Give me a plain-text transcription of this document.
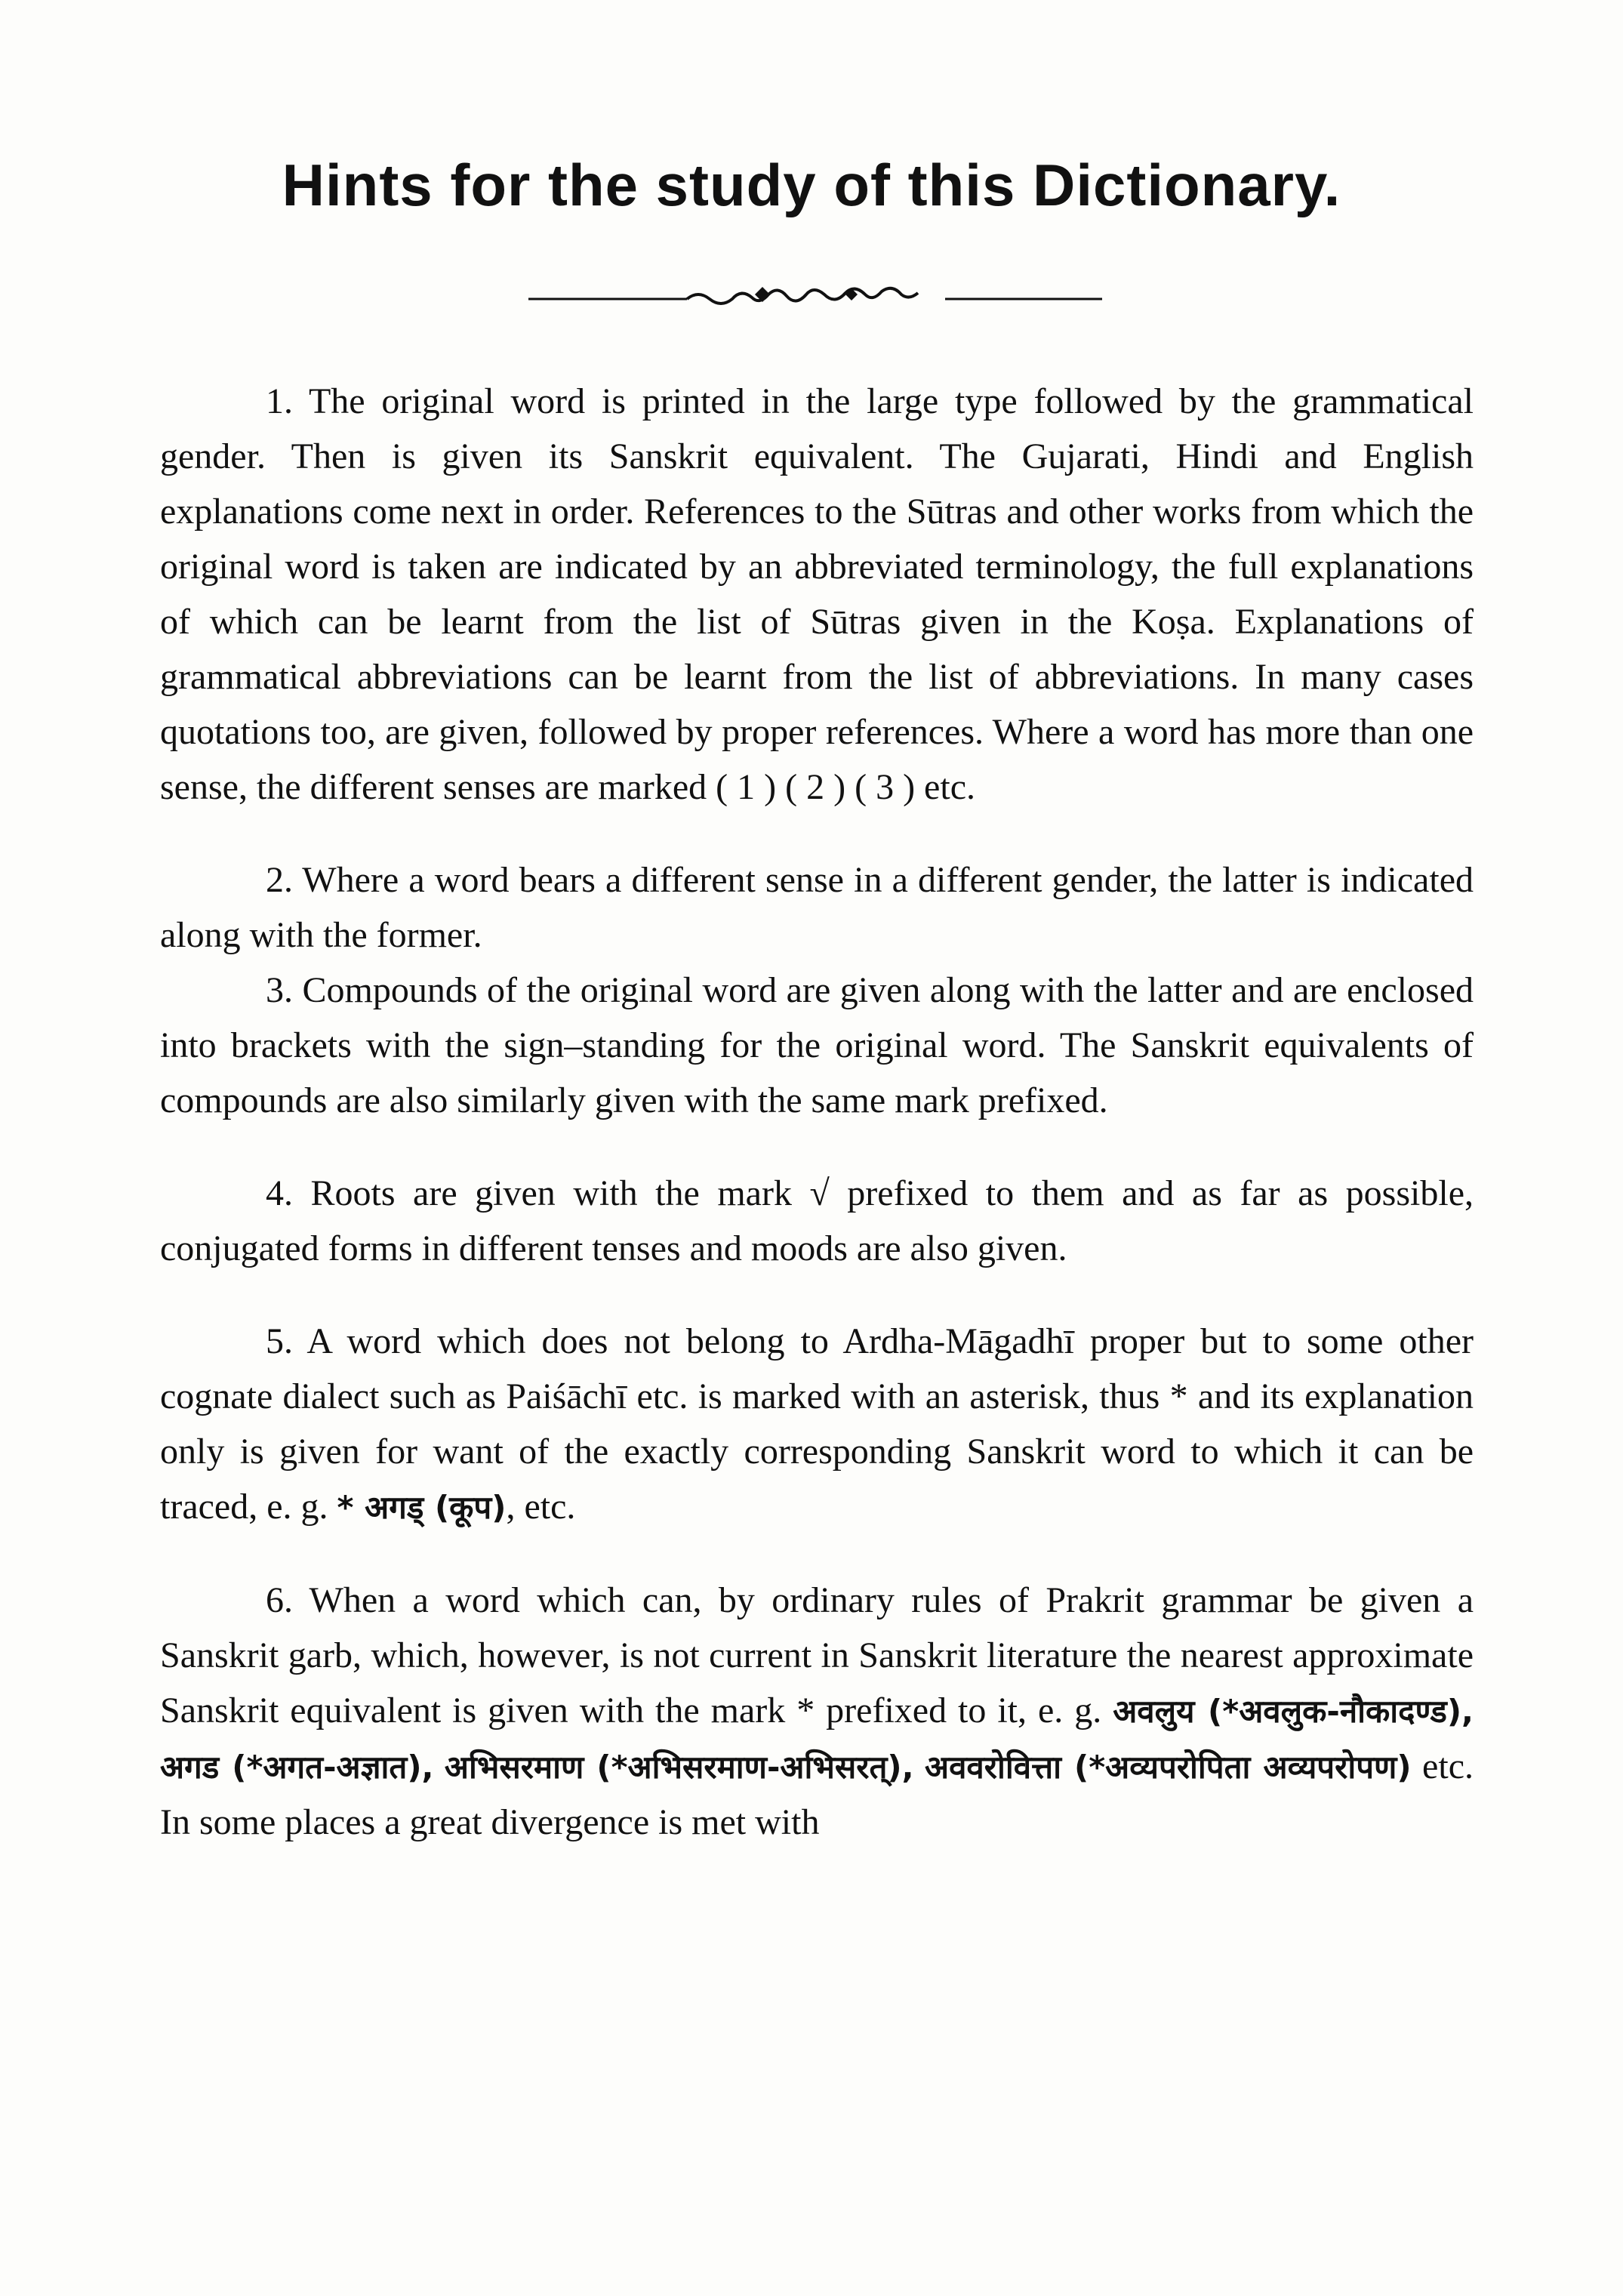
Hints for the study of this Dictionary.

1. The original word is printed in the large type followed by the grammatical gender. Then is given its Sanskrit equivalent. The Gujarati, Hindi and English explanations come next in order. References to the Sūtras and other works from which the original word is taken are indicated by an abbreviated terminology, the full explanations of which can be learnt from the list of Sūtras given in the Koṣa. Explanations of grammatical abbreviations can be learnt from the list of abbreviations. In many cases quotations too, are given, followed by proper references. Where a word has more than one sense, the different senses are marked ( 1 ) ( 2 ) ( 3 ) etc.

2. Where a word bears a different sense in a different gender, the latter is indicated along with the former.

3. Compounds of the original word are given along with the latter and are enclosed into brackets with the sign–standing for the original word. The Sanskrit equivalents of compounds are also similarly given with the same mark prefixed.

4. Roots are given with the mark √ prefixed to them and as far as possible, conjugated forms in different tenses and moods are also given.

5. A word which does not belong to Ardha-Māgadhī proper but to some other cognate dialect such as Paiśāchī etc. is marked with an asterisk, thus * and its explanation only is given for want of the exactly corresponding Sanskrit word to which it can be traced, e. g. * अगड् (कूप), etc.

6. When a word which can, by ordinary rules of Prakrit grammar be given a Sanskrit garb, which, however, is not current in Sanskrit literature the nearest approximate Sanskrit equivalent is given with the mark * prefixed to it, e. g. अवलुय (*अवलुक-नौकादण्ड), अगड (*अगत-अज्ञात), अभिसरमाण (*अभिसरमाण-अभिसरत्), अववरोवित्ता (*अव्यपरोपिता अव्यपरोपण) etc. In some places a great divergence is met with
